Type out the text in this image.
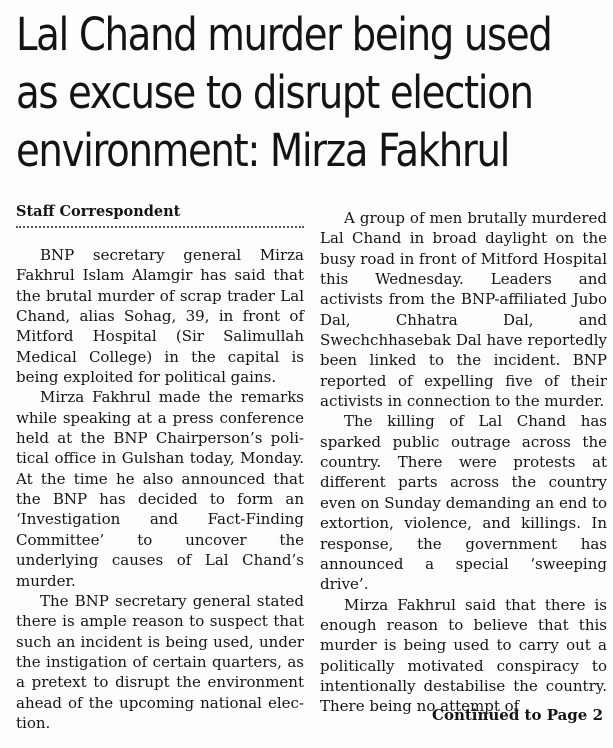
Lal Chand murder being used
as excuse to disrupt election
environment: Mirza Fakhrul
Staff Correspondent

BNP secretary general Mirza Fakhrul Islam Alamgir has said that the brutal murder of scrap trader Lal Chand, alias Sohag, 39, in front of Mitford Hospital (Sir Salimullah Medical College) in the capital is being exploited for political gains.

Mirza Fakhrul made the remarks while speaking at a press conference held at the BNP Chairperson’s political office in Gulshan today, Monday. At the time he also announced that the BNP has decided to form an ‘Investigation and Fact-Finding Committee’ to uncover the underlying causes of Lal Chand’s murder.

The BNP secretary general stated there is ample reason to suspect that such an incident is being used, under the instigation of certain quarters, as a pretext to disrupt the environment ahead of the upcoming national election.

A group of men brutally murdered Lal Chand in broad daylight on the busy road in front of Mitford Hospital this Wednesday. Leaders and activists from the BNP-affiliated Jubo Dal, Chhatra Dal, and Swechchhasebak Dal have reportedly been linked to the incident. BNP reported of expelling five of their activists in connection to the murder.

The killing of Lal Chand has sparked public outrage across the country. There were protests at different parts across the country even on Sunday demanding an end to extortion, violence, and killings. In response, the government has announced a special ‘sweeping drive’.

Mirza Fakhrul said that there is enough reason to believe that this murder is being used to carry out a politically motivated conspiracy to intentionally destabilise the country. There being no attempt of

Continued to Page 2
